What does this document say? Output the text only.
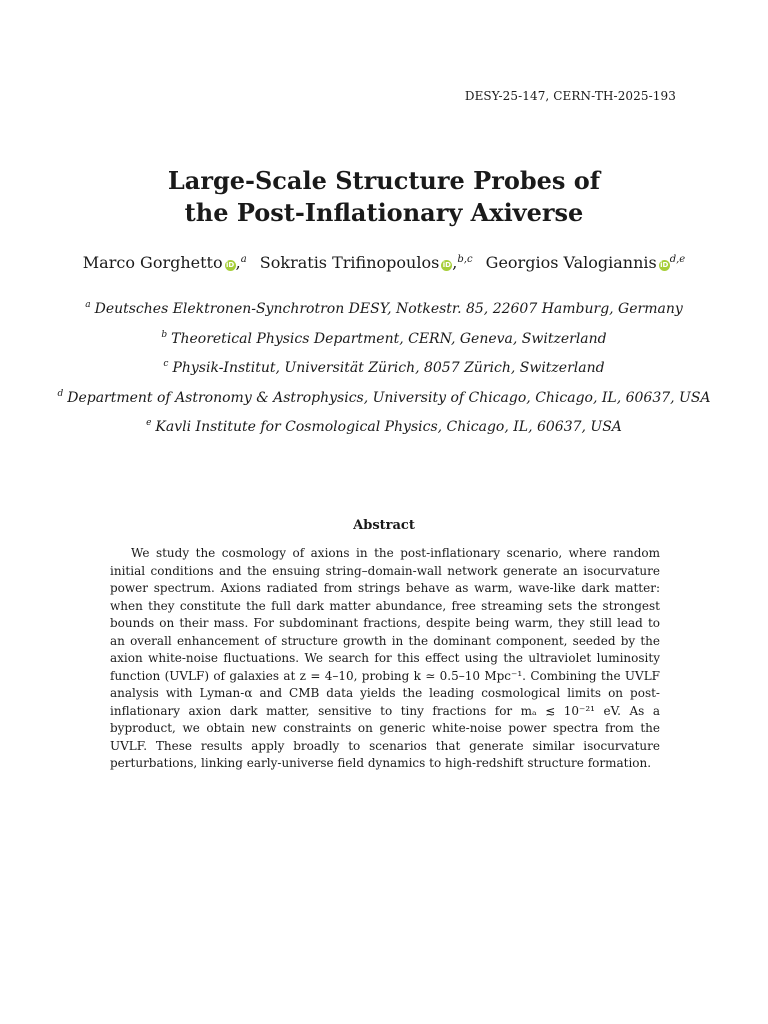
DESY-25-147, CERN-TH-2025-193
Large-Scale Structure Probes of
the Post-Inflationary Axiverse
Marco Gorghetto iD,$^a$ Sokratis Trifinopoulos iD,$^{b,c}$ Georgios Valogiannis iD$^{d,e}$
$^a$ Deutsches Elektronen-Synchrotron DESY, Notkestr. 85, 22607 Hamburg, Germany
$^b$ Theoretical Physics Department, CERN, Geneva, Switzerland
$^c$ Physik-Institut, Universität Zürich, 8057 Zürich, Switzerland
$^d$ Department of Astronomy & Astrophysics, University of Chicago, Chicago, IL, 60637, USA
$^e$ Kavli Institute for Cosmological Physics, Chicago, IL, 60637, USA
Abstract

We study the cosmology of axions in the post-inflationary scenario, where random initial conditions and the ensuing string–domain-wall network generate an isocurvature power spectrum. Axions radiated from strings behave as warm, wave-like dark matter: when they constitute the full dark matter abundance, free streaming sets the strongest bounds on their mass. For subdominant fractions, despite being warm, they still lead to an overall enhancement of structure growth in the dominant component, seeded by the axion white-noise fluctuations. We search for this effect using the ultraviolet luminosity function (UVLF) of galaxies at z = 4–10, probing k ≃ 0.5–10 Mpc⁻¹. Combining the UVLF analysis with Lyman-α and CMB data yields the leading cosmological limits on post-inflationary axion dark matter, sensitive to tiny fractions for mₐ ≲ 10⁻²¹ eV. As a byproduct, we obtain new constraints on generic white-noise power spectra from the UVLF. These results apply broadly to scenarios that generate similar isocurvature perturbations, linking early-universe field dynamics to high-redshift structure formation.
